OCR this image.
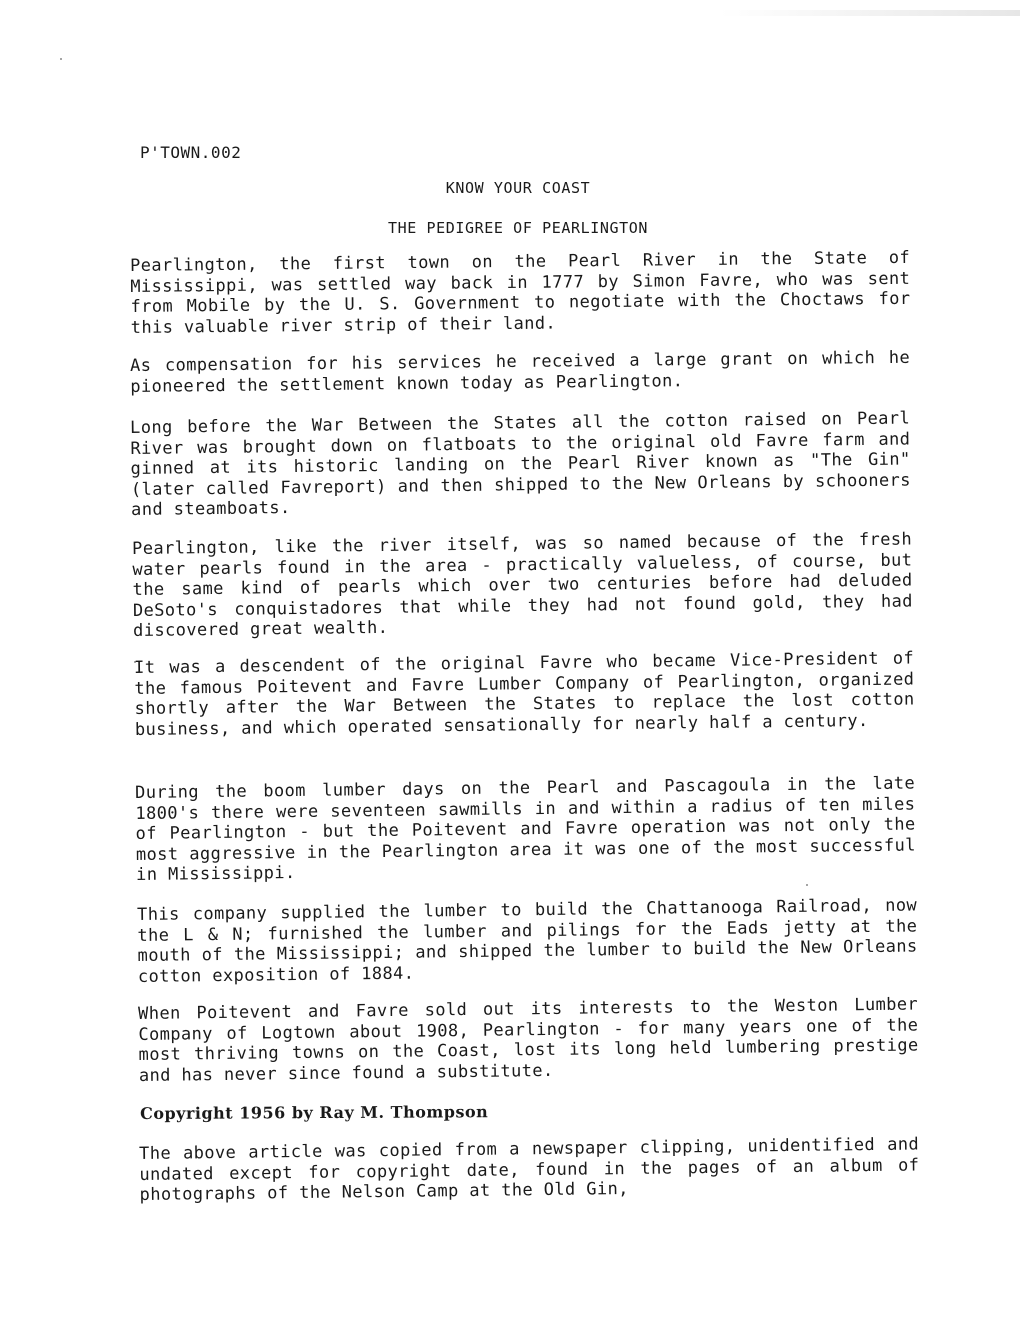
P'TOWN.002
KNOW YOUR COAST
THE PEDIGREE OF PEARLINGTON

Pearlington, the first town on the Pearl River in the State of Mississippi, was settled way back in 1777 by Simon Favre, who was sent from Mobile by the U. S. Government to negotiate with the Choctaws for this valuable river strip of their land.

As compensation for his services he received a large grant on which he pioneered the settlement known today as Pearlington.

Long before the War Between the States all the cotton raised on Pearl River was brought down on flatboats to the original old Favre farm and ginned at its historic landing on the Pearl River known as "The Gin" (later called Favreport) and then shipped to the New Orleans by schooners and steamboats.

Pearlington, like the river itself, was so named because of the fresh water pearls found in the area - practically valueless, of course, but the same kind of pearls which over two centuries before had deluded DeSoto's conquistadores that while they had not found gold, they had discovered great wealth.

It was a descendent of the original Favre who became Vice-President of the famous Poitevent and Favre Lumber Company of Pearlington, organized shortly after the War Between the States to replace the lost cotton business, and which operated sensationally for nearly half a century.

During the boom lumber days on the Pearl and Pascagoula in the late 1800's there were seventeen sawmills in and within a radius of ten miles of Pearlington - but the Poitevent and Favre operation was not only the most aggressive in the Pearlington area it was one of the most successful in Mississippi.

This company supplied the lumber to build the Chattanooga Railroad, now the L & N; furnished the lumber and pilings for the Eads jetty at the mouth of the Mississippi; and shipped the lumber to build the New Orleans cotton exposition of 1884.

When Poitevent and Favre sold out its interests to the Weston Lumber Company of Logtown about 1908, Pearlington - for many years one of the most thriving towns on the Coast, lost its long held lumbering prestige and has never since found a substitute.

Copyright 1956 by Ray M. Thompson

The above article was copied from a newspaper clipping, unidentified and undated except for copyright date, found in the pages of an album of photographs of the Nelson Camp at the Old Gin,
